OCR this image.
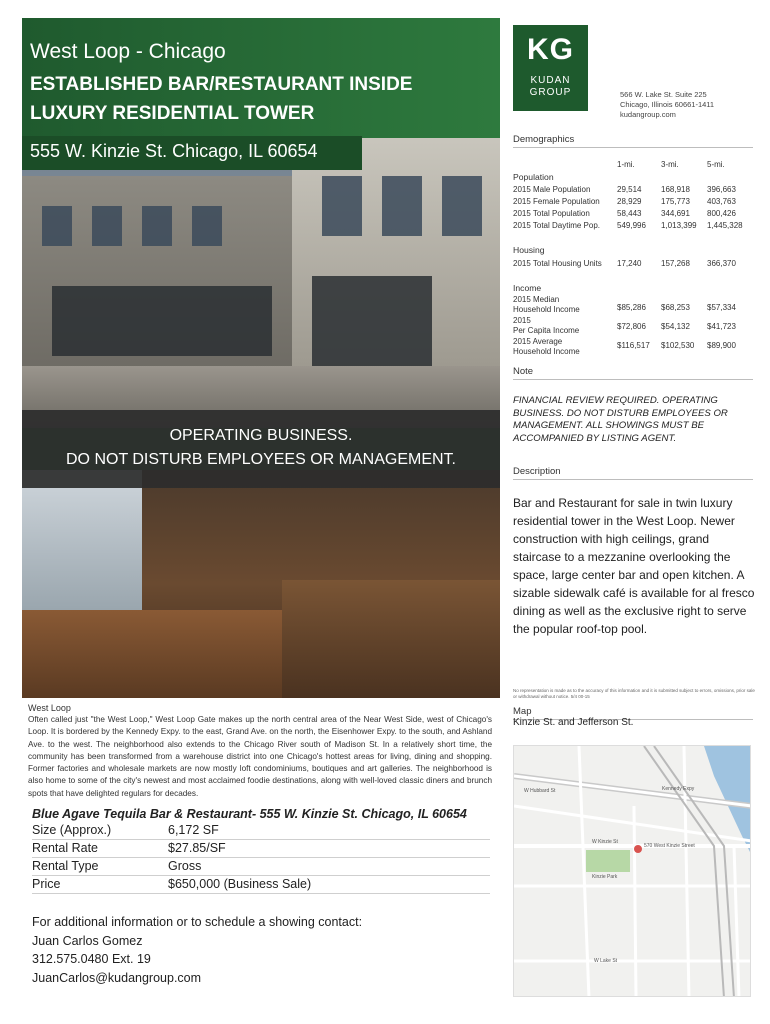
West Loop - Chicago
ESTABLISHED BAR/RESTAURANT INSIDE LUXURY RESIDENTIAL TOWER
555 W. Kinzie St. Chicago, IL 60654
OPERATING BUSINESS.
DO NOT DISTURB EMPLOYEES OR MANAGEMENT.
West Loop
Often called just "the West Loop," West Loop Gate makes up the north central area of the Near West Side, west of Chicago's Loop. It is bordered by the Kennedy Expy. to the east, Grand Ave. on the north, the Eisenhower Expy. to the south, and Ashland Ave. to the west. The neighborhood also extends to the Chicago River south of Madison St. In a relatively short time, the community has been transformed from a warehouse district into one Chicago's hottest areas for living, dining and shopping. Former factories and wholesale markets are now mostly loft condominiums, boutiques and art galleries. The neighborhood is also home to some of the city's newest and most acclaimed foodie destinations, along with well-loved classic diners and brunch spots that have delighted regulars for decades.
Blue Agave Tequila Bar & Restaurant- 555 W. Kinzie St. Chicago, IL 60654
Size (Approx.)	6,172 SF
Rental Rate	$27.85/SF
Rental Type	Gross
Price	$650,000 (Business Sale)
For additional information or to schedule a showing contact:
Juan Carlos Gomez
312.575.0480 Ext. 19
JuanCarlos@kudangroup.com
KG
KUDAN
GROUP	566 W. Lake St. Suite 225
Chicago, Illinois 60661-1411
kudangroup.com
Demographics
1-mi.	3-mi.	5-mi.
Population
2015 Male Population	29,514 168,918 396,663
2015 Female Population 28,929 175,773 403,763
2015 Total Population	58,443 344,691 800,426
2015 Total Daytime Pop. 549,996 1,013,399 1,445,328
Housing
2015 Total Housing Units 17,240 157,268 366,370
Income
2015 Median
Household Income	$85,286 $68,253 $57,334
2015
Per Capita Income	$72,806 $54,132 $41,723
2015 Average
Household Income
$116,517 $102,530 $89,900
Note
FINANCIAL REVIEW REQUIRED. OPERATING BUSINESS. DO NOT DISTURB EMPLOYEES OR MANAGEMENT. ALL SHOWINGS MUST BE ACCOMPANIED BY LISTING AGENT.
Description
Bar and Restaurant for sale in twin luxury residential tower in the West Loop. Newer construction with high ceilings, grand staircase to a mezzanine overlooking the space, large center bar and open kitchen. A sizable sidewalk café is available for al fresco dining as well as the exclusive right to serve the popular roof-top pool.
No representation is made as to the accuracy of this information and it is submitted subject to errors, omissions, prior sale or withdrawal without notice. 5/4 00-15
Map
Kinzie St. and Jefferson St.
W Hubbard St
W Kinzie St
570 West Kinzie Street
Kinzie Park
W Lake St
Kennedy Expy
